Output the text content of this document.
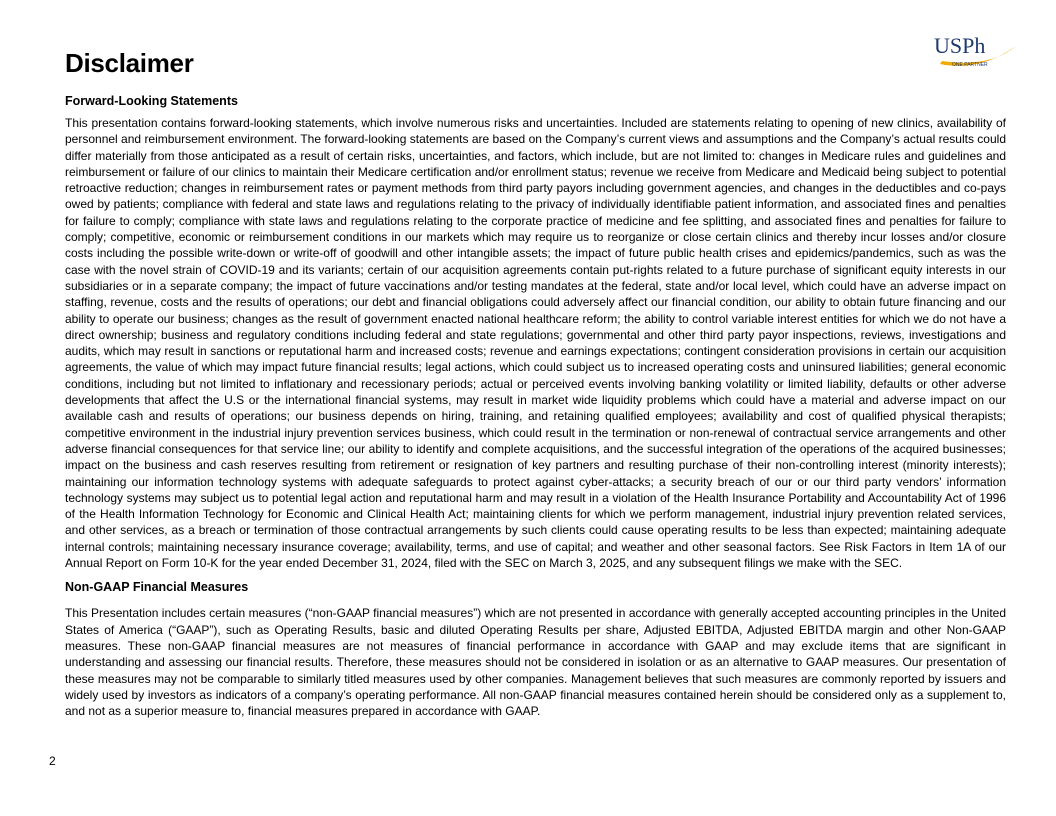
Disclaimer
USPh
ONE PARTNER
Forward-Looking Statements

This presentation contains forward-looking statements, which involve numerous risks and uncertainties. Included are statements relating to opening of new clinics, availability of personnel and reimbursement environment. The forward-looking statements are based on the Company’s current views and assumptions and the Company’s actual results could differ materially from those anticipated as a result of certain risks, uncertainties, and factors, which include, but are not limited to: changes in Medicare rules and guidelines and reimbursement or failure of our clinics to maintain their Medicare certification and/or enrollment status; revenue we receive from Medicare and Medicaid being subject to potential retroactive reduction; changes in reimbursement rates or payment methods from third party payors including government agencies, and changes in the deductibles and co-pays owed by patients; compliance with federal and state laws and regulations relating to the privacy of individually identifiable patient information, and associated fines and penalties for failure to comply; compliance with state laws and regulations relating to the corporate practice of medicine and fee splitting, and associated fines and penalties for failure to comply; competitive, economic or reimbursement conditions in our markets which may require us to reorganize or close certain clinics and thereby incur losses and/or closure costs including the possible write-down or write-off of goodwill and other intangible assets; the impact of future public health crises and epidemics/pandemics, such as was the case with the novel strain of COVID-19 and its variants; certain of our acquisition agreements contain put-rights related to a future purchase of significant equity interests in our subsidiaries or in a separate company; the impact of future vaccinations and/or testing mandates at the federal, state and/or local level, which could have an adverse impact on staffing, revenue, costs and the results of operations; our debt and financial obligations could adversely affect our financial condition, our ability to obtain future financing and our ability to operate our business; changes as the result of government enacted national healthcare reform; the ability to control variable interest entities for which we do not have a direct ownership; business and regulatory conditions including federal and state regulations; governmental and other third party payor inspections, reviews, investigations and audits, which may result in sanctions or reputational harm and increased costs; revenue and earnings expectations; contingent consideration provisions in certain our acquisition agreements, the value of which may impact future financial results; legal actions, which could subject us to increased operating costs and uninsured liabilities; general economic conditions, including but not limited to inflationary and recessionary periods; actual or perceived events involving banking volatility or limited liability, defaults or other adverse developments that affect the U.S or the international financial systems, may result in market wide liquidity problems which could have a material and adverse impact on our available cash and results of operations; our business depends on hiring, training, and retaining qualified employees; availability and cost of qualified physical therapists; competitive environment in the industrial injury prevention services business, which could result in the termination or non-renewal of contractual service arrangements and other adverse financial consequences for that service line; our ability to identify and complete acquisitions, and the successful integration of the operations of the acquired businesses; impact on the business and cash reserves resulting from retirement or resignation of key partners and resulting purchase of their non-controlling interest (minority interests); maintaining our information technology systems with adequate safeguards to protect against cyber-attacks; a security breach of our or our third party vendors’ information technology systems may subject us to potential legal action and reputational harm and may result in a violation of the Health Insurance Portability and Accountability Act of 1996 of the Health Information Technology for Economic and Clinical Health Act; maintaining clients for which we perform management, industrial injury prevention related services, and other services, as a breach or termination of those contractual arrangements by such clients could cause operating results to be less than expected; maintaining adequate internal controls; maintaining necessary insurance coverage; availability, terms, and use of capital; and weather and other seasonal factors. See Risk Factors in Item 1A of our Annual Report on Form 10-K for the year ended December 31, 2024, filed with the SEC on March 3, 2025, and any subsequent filings we make with the SEC.

Non-GAAP Financial Measures

This Presentation includes certain measures (“non-GAAP financial measures”) which are not presented in accordance with generally accepted accounting principles in the United States of America (“GAAP”), such as Operating Results, basic and diluted Operating Results per share, Adjusted EBITDA, Adjusted EBITDA margin and other Non-GAAP measures. These non-GAAP financial measures are not measures of financial performance in accordance with GAAP and may exclude items that are significant in understanding and assessing our financial results. Therefore, these measures should not be considered in isolation or as an alternative to GAAP measures. Our presentation of these measures may not be comparable to similarly titled measures used by other companies. Management believes that such measures are commonly reported by issuers and widely used by investors as indicators of a company’s operating performance. All non-GAAP financial measures contained herein should be considered only as a supplement to, and not as a superior measure to, financial measures prepared in accordance with GAAP.

2
